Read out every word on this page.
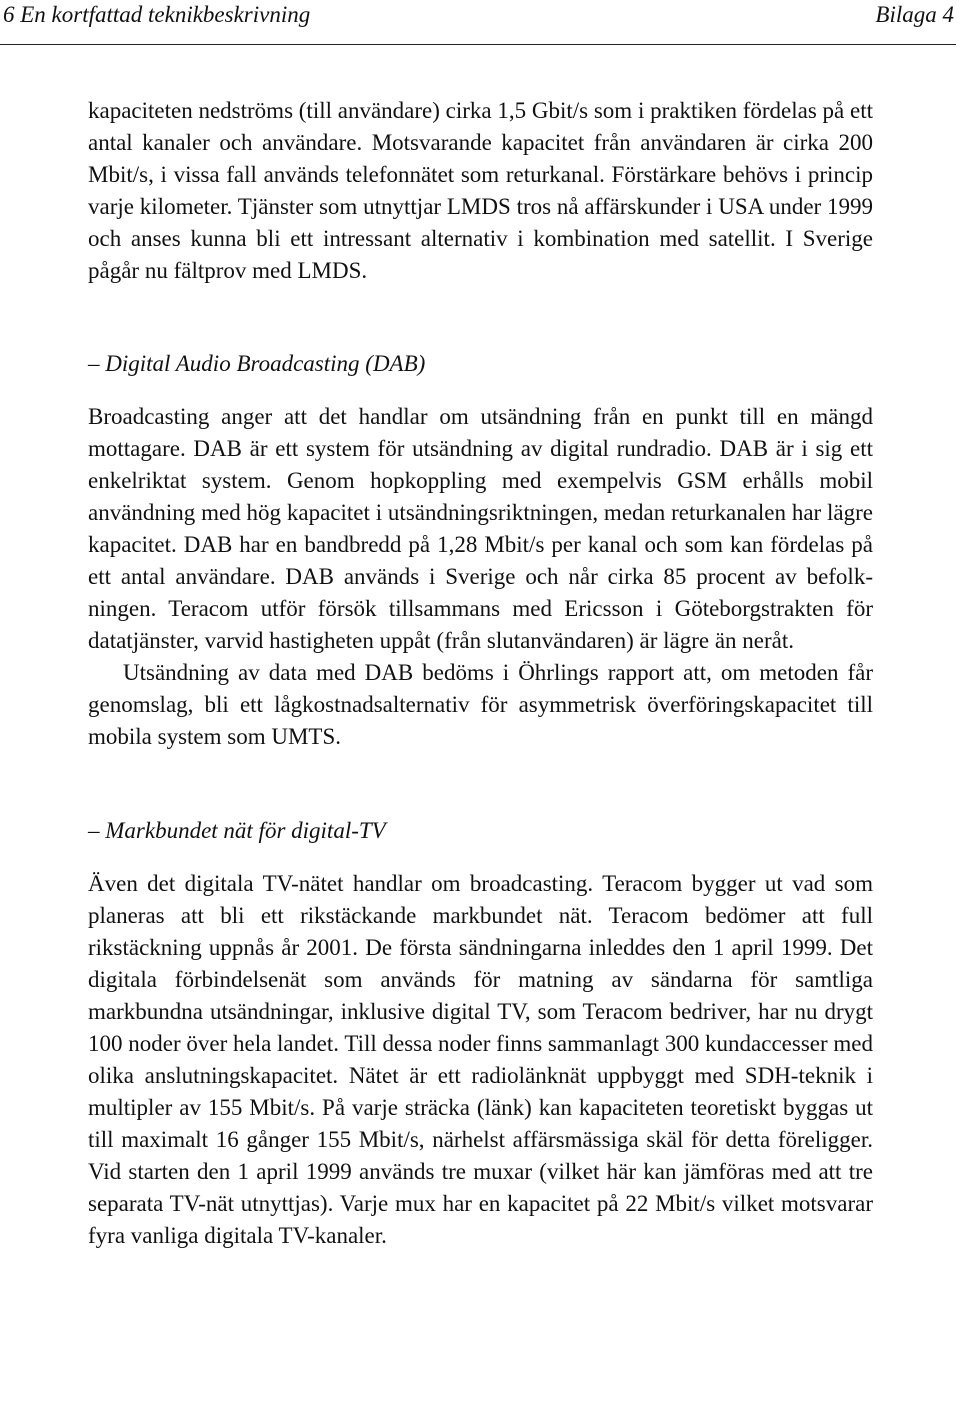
6 En kortfattad teknikbeskrivning	Bilaga 4

kapaciteten nedströms (till användare) cirka 1,5 Gbit/s som i praktiken fördelas på ett antal kanaler och användare. Motsvarande kapacitet från användaren är cirka 200 Mbit/s, i vissa fall används telefonnätet som returkanal. Förstärkare behövs i princip varje kilometer. Tjänster som utnyttjar LMDS tros nå affärskunder i USA under 1999 och anses kunna bli ett intressant alternativ i kombination med satellit. I Sverige pågår nu fältprov med LMDS.

– Digital Audio Broadcasting (DAB)

Broadcasting anger att det handlar om utsändning från en punkt till en mängd mottagare. DAB är ett system för utsändning av digital rundradio. DAB är i sig ett enkelriktat system. Genom hopkoppling med exempelvis GSM erhålls mobil användning med hög kapacitet i utsändningsriktningen, medan returkanalen har lägre kapacitet. DAB har en bandbredd på 1,28 Mbit/s per kanal och som kan fördelas på ett antal användare. DAB används i Sverige och når cirka 85 procent av befolkningen. Teracom utför försök tillsammans med Ericsson i Göteborgstrakten för datatjänster, varvid hastigheten uppåt (från slutanvändaren) är lägre än neråt.

Utsändning av data med DAB bedöms i Öhrlings rapport att, om metoden får genomslag, bli ett lågkostnadsalternativ för asymmetrisk överföringskapacitet till mobila system som UMTS.

– Markbundet nät för digital-TV

Även det digitala TV-nätet handlar om broadcasting. Teracom bygger ut vad som planeras att bli ett rikstäckande markbundet nät. Teracom bedömer att full rikstäckning uppnås år 2001. De första sändningarna inleddes den 1 april 1999. Det digitala förbindelsenät som används för matning av sändarna för samtliga markbundna utsändningar, inklusive digital TV, som Teracom bedriver, har nu drygt 100 noder över hela landet. Till dessa noder finns sammanlagt 300 kundaccesser med olika anslutningskapacitet. Nätet är ett radiolänknät uppbyggt med SDH-teknik i multipler av 155 Mbit/s. På varje sträcka (länk) kan kapaciteten teoretiskt byggas ut till maximalt 16 gånger 155 Mbit/s, närhelst affärsmässiga skäl för detta föreligger. Vid starten den 1 april 1999 används tre muxar (vilket här kan jämföras med att tre separata TV-nät utnyttjas). Varje mux har en kapacitet på 22 Mbit/s vilket motsvarar fyra vanliga digitala TV-kanaler.
